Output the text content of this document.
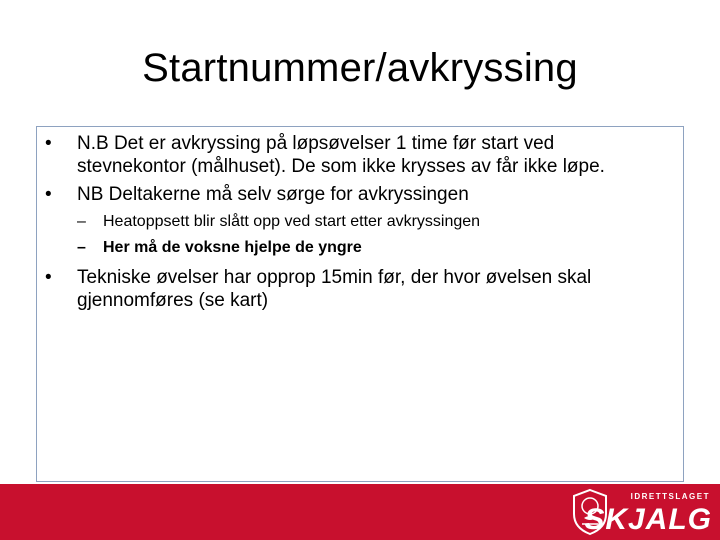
Startnummer/avkryssing
•	N.B Det er avkryssing på løpsøvelser 1 time før start ved
stevnekontor (målhuset). De som ikke krysses av får ikke løpe.
•	NB Deltakerne må selv sørge for avkryssingen
– Heatoppsett blir slått opp ved start etter avkryssingen
– Her må de voksne hjelpe de yngre
•	Tekniske øvelser har opprop 15min før, der hvor øvelsen skal
gjennomføres (se kart)
IDRETTSLAGET
SKJALG
